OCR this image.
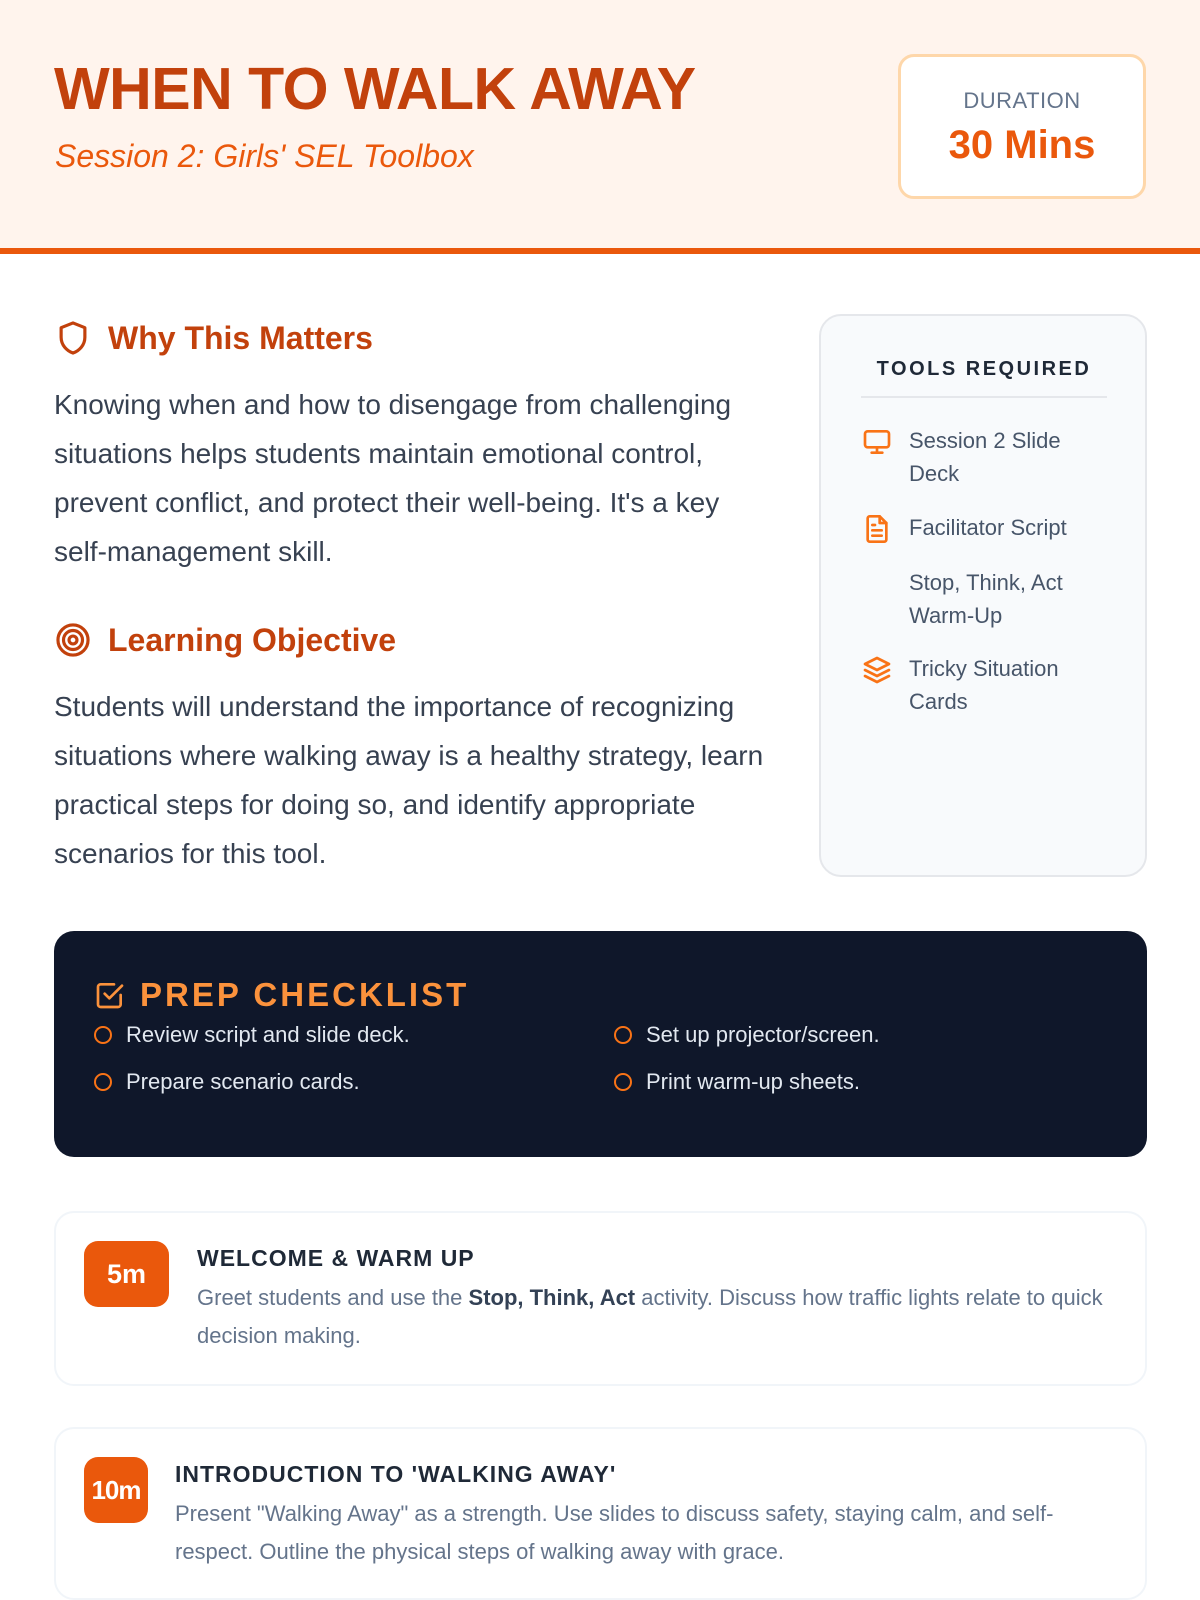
WHEN TO WALK AWAY
Session 2: Girls' SEL Toolbox
DURATION
30 Mins
Why This Matters
Knowing when and how to disengage from challenging situations helps students maintain emotional control, prevent conflict, and protect their well-being. It's a key self-management skill.
Learning Objective
Students will understand the importance of recognizing situations where walking away is a healthy strategy, learn practical steps for doing so, and identify appropriate scenarios for this tool.
TOOLS REQUIRED
Session 2 Slide Deck
Facilitator Script
Stop, Think, Act Warm-Up
Tricky Situation Cards
PREP CHECKLIST
Review script and slide deck.	Set up projector/screen.
Prepare scenario cards.	Print warm-up sheets.
5m
WELCOME & WARM UP
Greet students and use the Stop, Think, Act activity. Discuss how traffic lights relate to quick decision making.
10m
INTRODUCTION TO 'WALKING AWAY'
Present "Walking Away" as a strength. Use slides to discuss safety, staying calm, and self-respect. Outline the physical steps of walking away with grace.
